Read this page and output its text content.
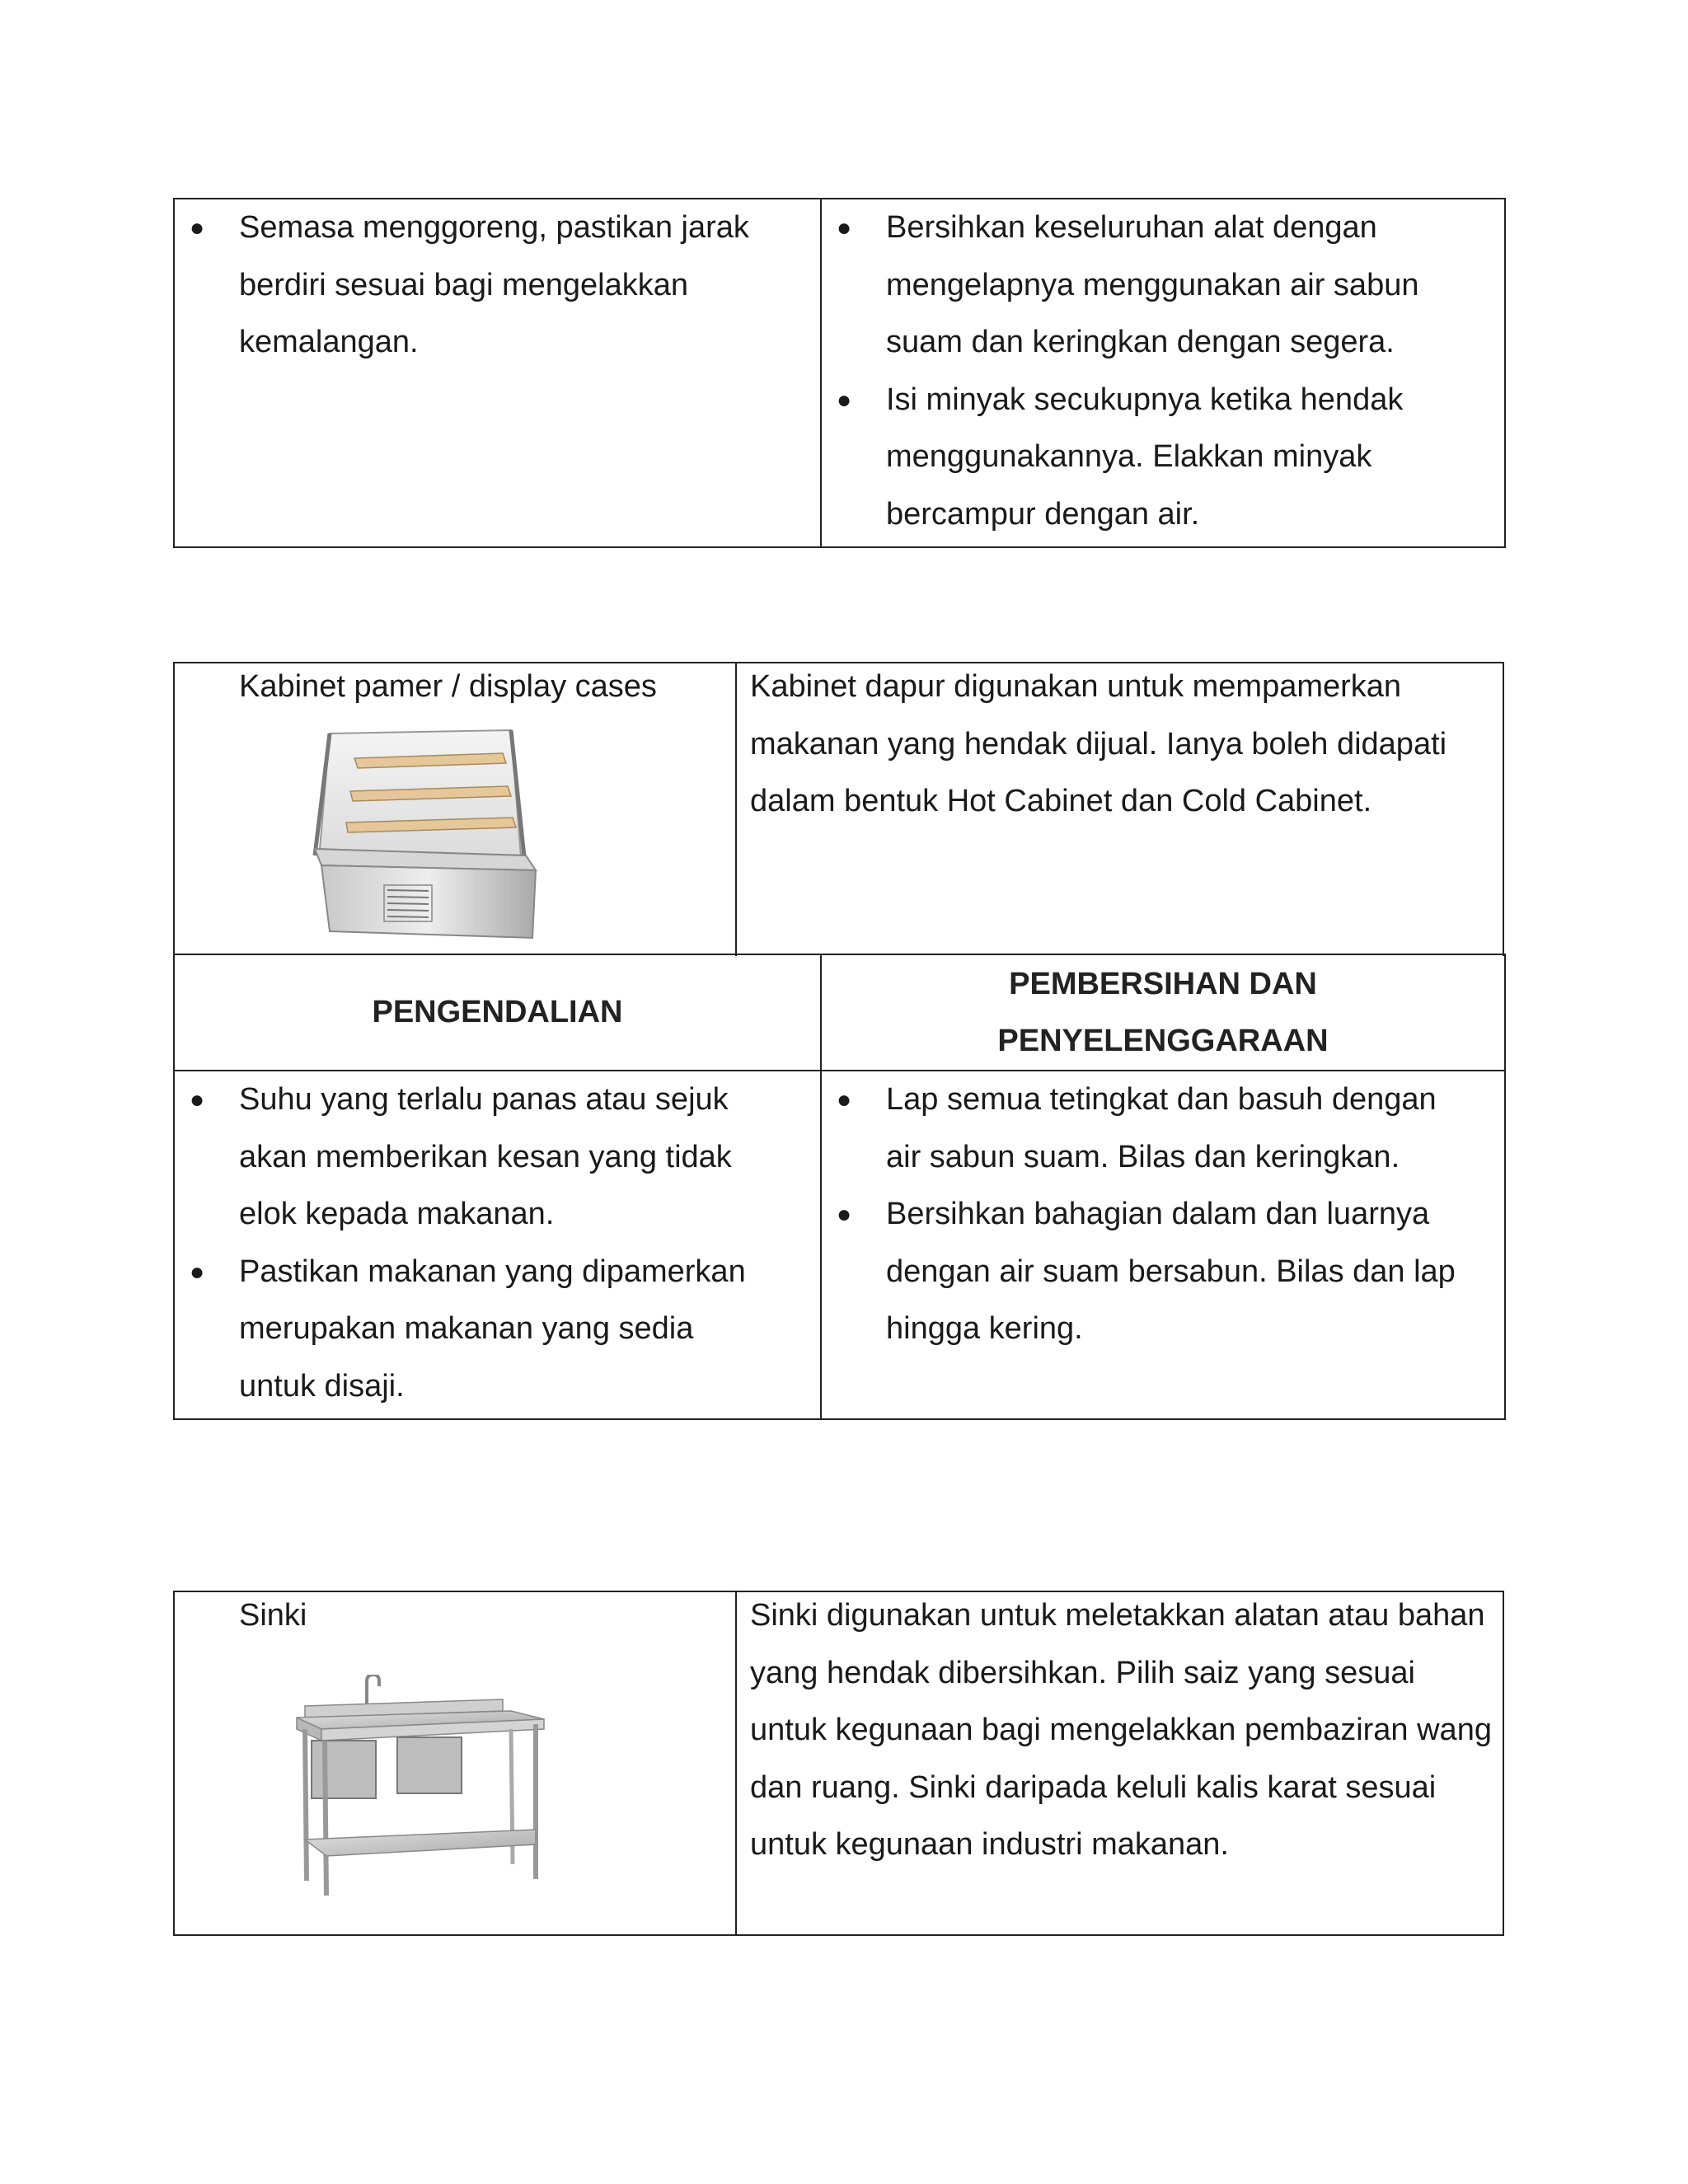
● Semasa menggoreng, pastikan jarak berdiri sesuai bagi mengelakkan kemalangan.
● Bersihkan keseluruhan alat dengan mengelapnya menggunakan air sabun suam dan keringkan dengan segera.
● Isi minyak secukupnya ketika hendak menggunakannya. Elakkan minyak bercampur dengan air.
Kabinet pamer / display cases	Kabinet dapur digunakan untuk mempamerkan makanan yang hendak dijual. Ianya boleh didapati dalam bentuk Hot Cabinet dan Cold Cabinet.
PENGENDALIAN
PEMBERSIHAN DAN
PENYELENGGARAAN
● Suhu yang terlalu panas atau sejuk akan memberikan kesan yang tidak elok kepada makanan.
● Pastikan makanan yang dipamerkan merupakan makanan yang sedia untuk disaji.
● Lap semua tetingkat dan basuh dengan air sabun suam. Bilas dan keringkan.
● Bersihkan bahagian dalam dan luarnya dengan air suam bersabun. Bilas dan lap hingga kering.
Sinki	Sinki digunakan untuk meletakkan alatan atau bahan yang hendak dibersihkan. Pilih saiz yang sesuai untuk kegunaan bagi mengelakkan pembaziran wang dan ruang. Sinki daripada keluli kalis karat sesuai untuk kegunaan industri makanan.
